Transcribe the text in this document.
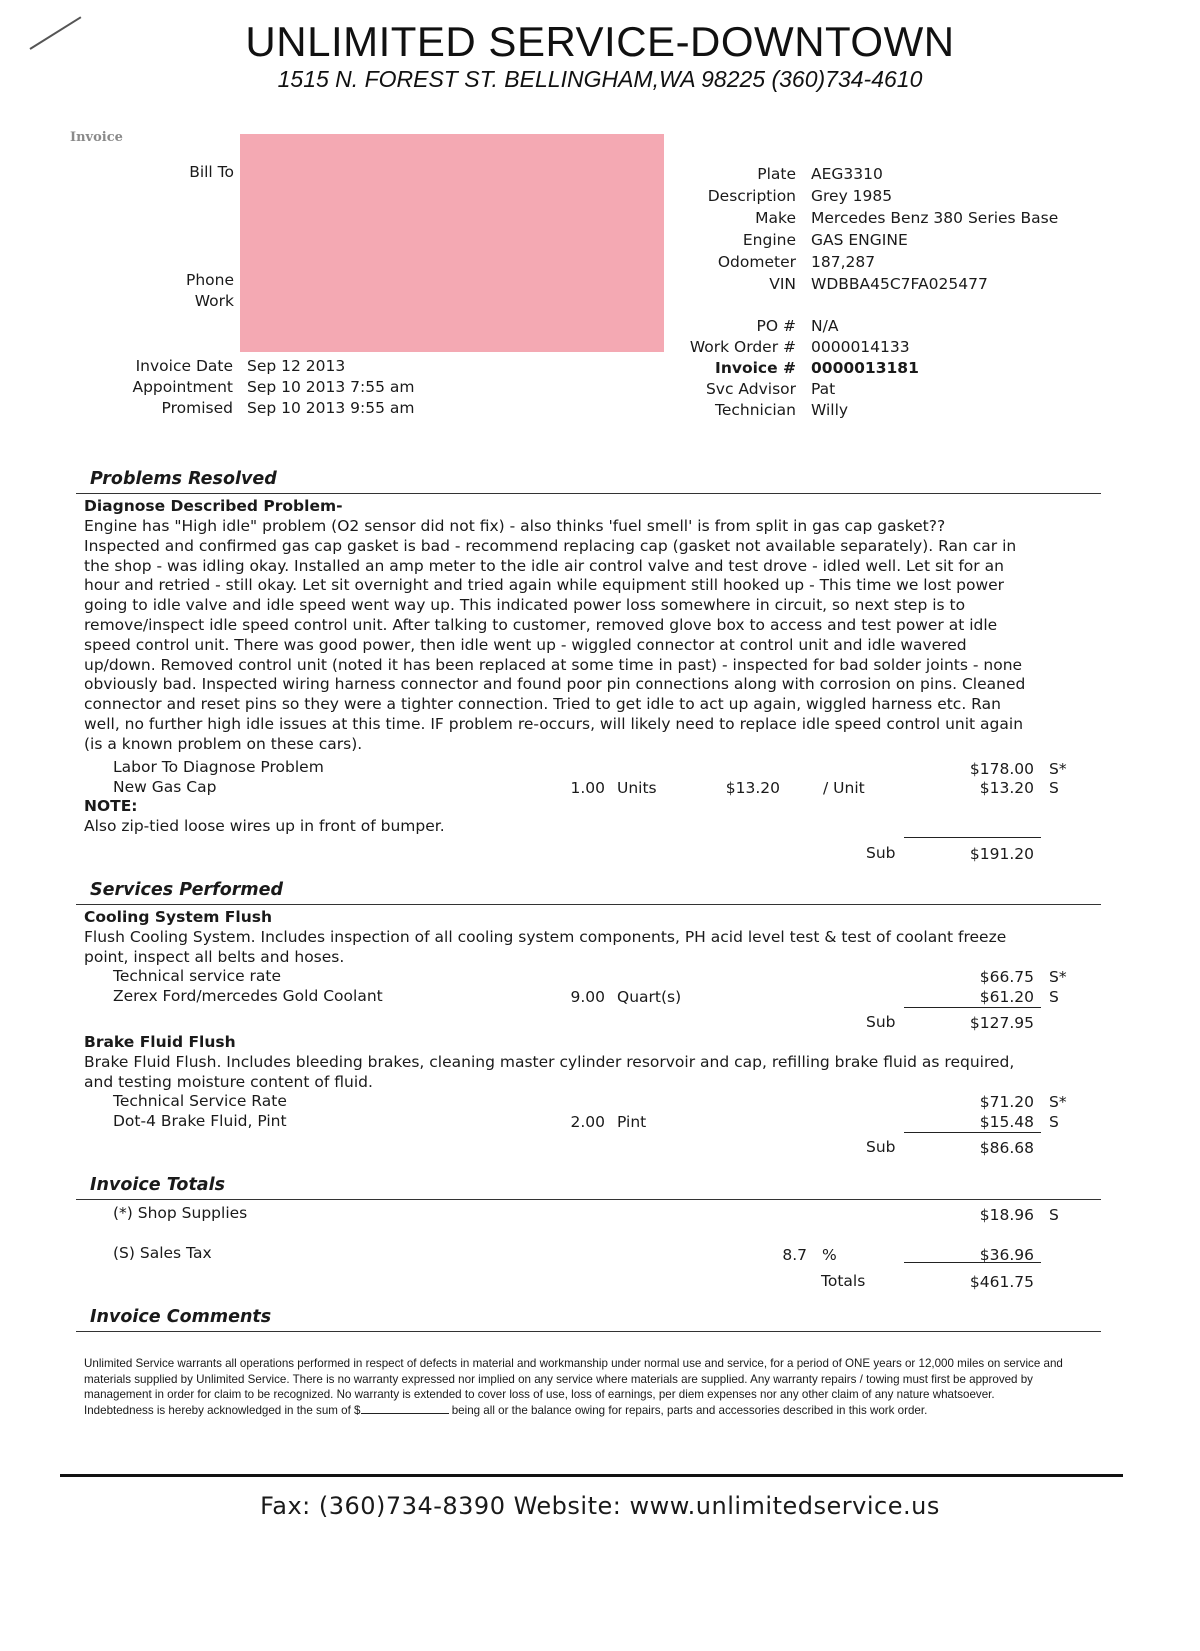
UNLIMITED SERVICE-DOWNTOWN
1515 N. FOREST ST. BELLINGHAM,WA 98225 (360)734-4610
Invoice
Bill To
Phone
Work
Invoice Date Sep 12 2013
Appointment Sep 10 2013 7:55 am
Promised Sep 10 2013 9:55 am
Plate AEG3310
Description Grey 1985
Make Mercedes Benz 380 Series Base
Engine GAS ENGINE
Odometer 187,287
VIN WDBBA45C7FA025477
PO # N/A
Work Order # 0000014133
Invoice # 0000013181
Svc Advisor Pat
Technician Willy
Problems Resolved
Diagnose Described Problem-
Engine has "High idle" problem (O2 sensor did not fix) - also thinks 'fuel smell' is from split in gas cap gasket??
Inspected and confirmed gas cap gasket is bad - recommend replacing cap (gasket not available separately). Ran car in
the shop - was idling okay. Installed an amp meter to the idle air control valve and test drove - idled well. Let sit for an
hour and retried - still okay. Let sit overnight and tried again while equipment still hooked up - This time we lost power
going to idle valve and idle speed went way up. This indicated power loss somewhere in circuit, so next step is to
remove/inspect idle speed control unit. After talking to customer, removed glove box to access and test power at idle
speed control unit. There was good power, then idle went up - wiggled connector at control unit and idle wavered
up/down. Removed control unit (noted it has been replaced at some time in past) - inspected for bad solder joints - none
obviously bad. Inspected wiring harness connector and found poor pin connections along with corrosion on pins. Cleaned
connector and reset pins so they were a tighter connection. Tried to get idle to act up again, wiggled harness etc. Ran
well, no further high idle issues at this time. IF problem re-occurs, will likely need to replace idle speed control unit again
(is a known problem on these cars).
Labor To Diagnose Problem	$178.00 S*
New Gas Cap	1.00 Units	$13.20	/ Unit	$13.20 S
NOTE:
Also zip-tied loose wires up in front of bumper.
Sub	$191.20
Services Performed
Cooling System Flush
Flush Cooling System. Includes inspection of all cooling system components, PH acid level test & test of coolant freeze
point, inspect all belts and hoses.
Technical service rate	$66.75 S*
Zerex Ford/mercedes Gold Coolant	9.00 Quart(s)	$61.20 S
Sub	$127.95
Brake Fluid Flush
Brake Fluid Flush. Includes bleeding brakes, cleaning master cylinder resorvoir and cap, refilling brake fluid as required,
and testing moisture content of fluid.
Technical Service Rate	$71.20 S*
Dot-4 Brake Fluid, Pint	2.00 Pint	$15.48 S
Sub	$86.68
Invoice Totals
(*) Shop Supplies	$18.96 S
(S) Sales Tax	8.7 %	$36.96
Totals	$461.75
Invoice Comments
Unlimited Service warrants all operations performed in respect of defects in material and workmanship under normal use and service, for a period of ONE years or 12,000 miles on service and materials supplied by Unlimited Service. There is no warranty expressed nor implied on any service where materials are supplied. Any warranty repairs / towing must first be approved by management in order for claim to be recognized. No warranty is extended to cover loss of use, loss of earnings, per diem expenses nor any other claim of any nature whatsoever.
Indebtedness is hereby acknowledged in the sum of $	being all or the balance owing for repairs, parts and accessories described in this work order.
Fax: (360)734-8390 Website: www.unlimitedservice.us
